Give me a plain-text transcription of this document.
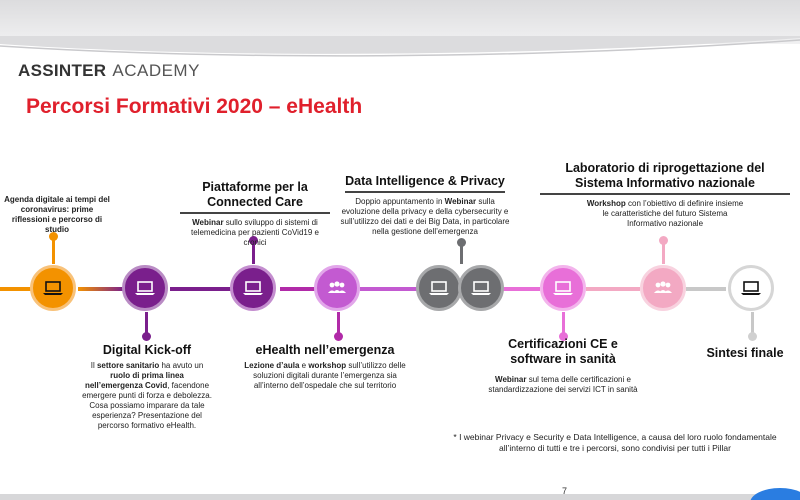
ASSINTER ACADEMY
Percorsi Formativi 2020 – eHealth
Agenda digitale ai tempi del coronavirus: prime riflessioni e percorso di studio
Digital Kick-off
Il settore sanitario ha avuto un ruolo di prima linea nell’emergenza Covid, facendone emergere punti di forza e debolezza. Cosa possiamo imparare da tale esperienza? Presentazione del percorso formativo eHealth.
Piattaforme per la Connected Care
Webinar sullo sviluppo di sistemi di telemedicina per pazienti CoVid19 e cronici
eHealth nell’emergenza
Lezione d’aula e workshop sull’utilizzo delle soluzioni digitali durante l’emergenza sia all’interno dell’ospedale che sul territorio
Data Intelligence & Privacy
Doppio appuntamento in Webinar sulla evoluzione della privacy e della cybersecurity e sull’utilizzo dei dati e dei Big Data, in particolare nella gestione dell’emergenza
Certificazioni CE e software in sanità
Webinar sul tema delle certificazioni e standardizzazione dei servizi ICT in sanità
Laboratorio di riprogettazione del Sistema Informativo nazionale
Workshop con l’obiettivo di definire insieme le caratteristiche del futuro Sistema Informativo nazionale
Sintesi finale
* I webinar Privacy e Security e Data Intelligence, a causa del loro ruolo fondamentale all’interno di tutti e tre i percorsi, sono condivisi per tutti i Pillar
7
